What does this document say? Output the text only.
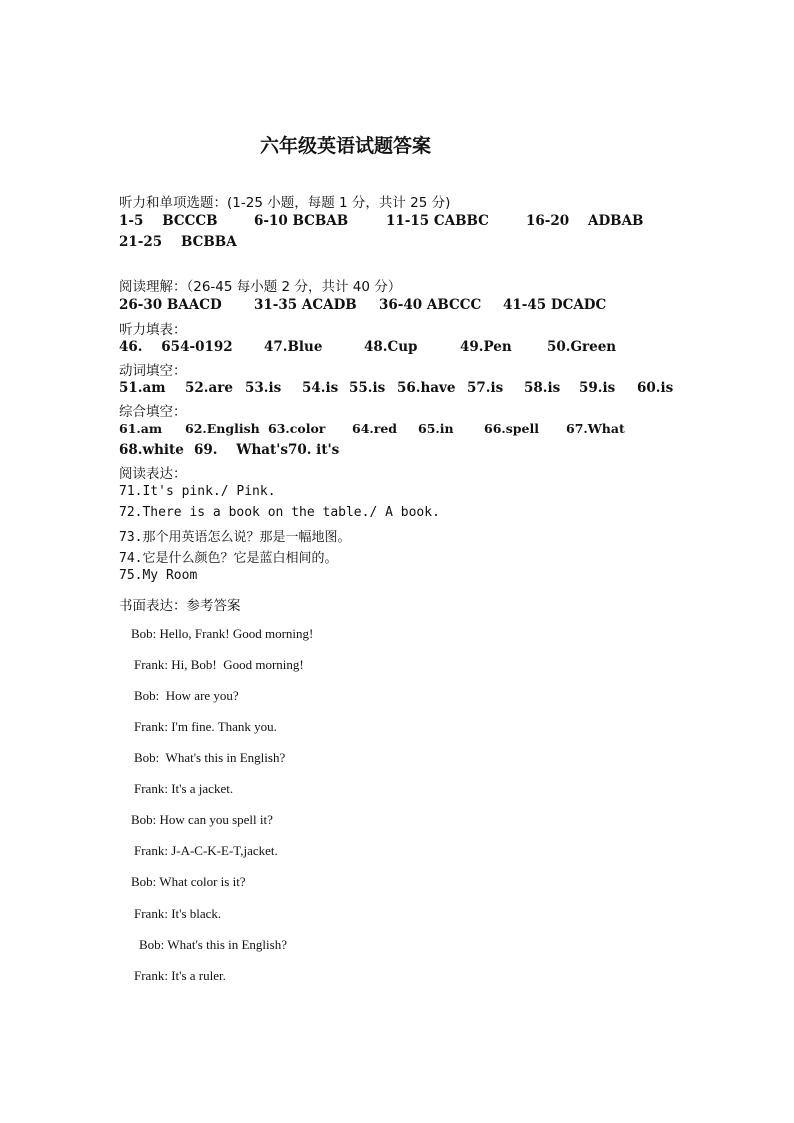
六年级英语试题答案
听力和单项选题：(1-25 小题，每题 1 分，共计 25 分)
1-5    BCCCB	6-10 BCBAB	11-15 CABBC	16-20    ADBAB
21-25    BCBBA
阅读理解：（26-45 每小题 2 分，共计 40 分）
26-30 BAACD 31-35 ACADB 36-40 ABCCC 41-45 DCADC
听力填表：
46.    654-0192 47.Blue	48.Cup	49.Pen	50.Green
动词填空：
51.am 52.are 53.is 54.is 55.is 56.have 57.is 58.is 59.is 60.is
综合填空：
61.am 62.English 63.color 64.red 65.in 66.spell 67.What
68.white 69.    What's 70. it's
阅读表达：
71.It's pink./ Pink.
72.There is a book on the table./ A book.
73.那个用英语怎么说？那是一幅地图。
74.它是什么颜色？它是蓝白相间的。
75.My Room
书面表达：参考答案
Bob: Hello, Frank! Good morning!
Frank: Hi, Bob!  Good morning!
Bob:  How are you?
Frank: I'm fine. Thank you.
Bob:  What's this in English?
Frank: It's a jacket.
Bob: How can you spell it?
Frank: J-A-C-K-E-T,jacket.
Bob: What color is it?
Frank: It's black.
Bob: What's this in English?
Frank: It's a ruler.
